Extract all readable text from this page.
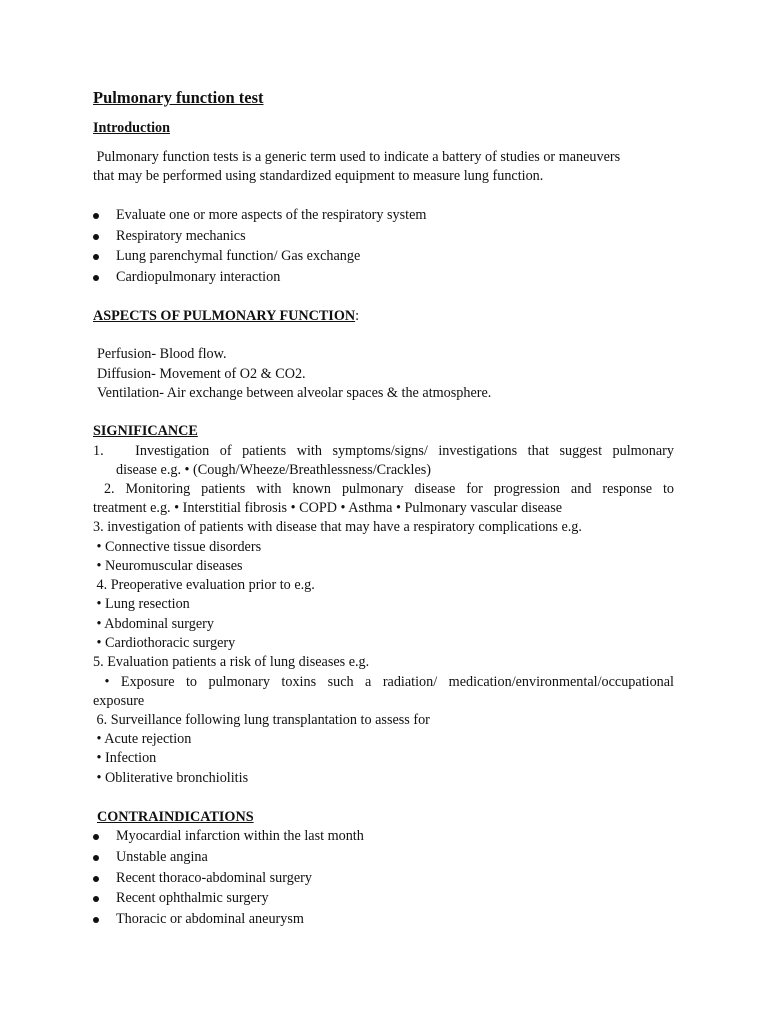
Pulmonary function test
Introduction
Pulmonary function tests is a generic term used to indicate a battery of studies or maneuvers
that may be performed using standardized equipment to measure lung function.
Evaluate one or more aspects of the respiratory system
Respiratory mechanics
Lung parenchymal function/ Gas exchange
Cardiopulmonary interaction
ASPECTS OF PULMONARY FUNCTION:
Perfusion- Blood flow.
Diffusion- Movement of O2 & CO2.
Ventilation- Air exchange between alveolar spaces & the atmosphere.
SIGNIFICANCE
1.   Investigation of patients with symptoms/signs/ investigations that suggest pulmonary
disease e.g. • (Cough/Wheeze/Breathlessness/Crackles)
2. Monitoring patients with known pulmonary disease for progression and response to
treatment e.g. • Interstitial fibrosis • COPD • Asthma • Pulmonary vascular disease
3. investigation of patients with disease that may have a respiratory complications e.g.
• Connective tissue disorders
• Neuromuscular diseases
4. Preoperative evaluation prior to e.g.
• Lung resection
• Abdominal surgery
• Cardiothoracic surgery
5. Evaluation patients a risk of lung diseases e.g.
• Exposure to pulmonary toxins such a radiation/ medication/environmental/occupational
exposure
6. Surveillance following lung transplantation to assess for
• Acute rejection
• Infection
• Obliterative bronchiolitis
CONTRAINDICATIONS
Myocardial infarction within the last month
Unstable angina
Recent thoraco-abdominal surgery
Recent ophthalmic surgery
Thoracic or abdominal aneurysm
